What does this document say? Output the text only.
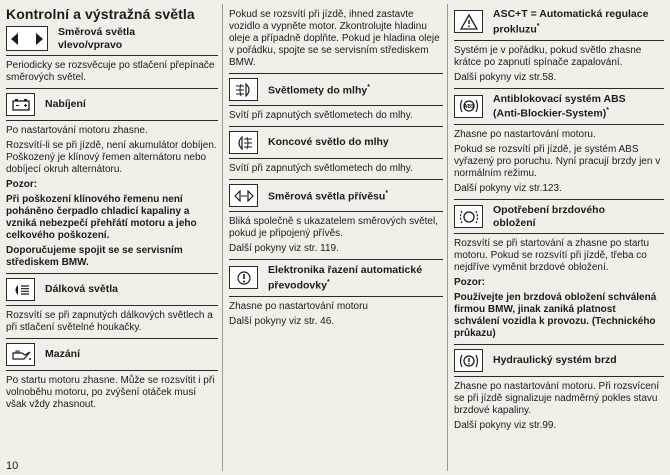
Kontrolní a výstražná světla
Směrová světla
vlevo/vpravo

Periodicky se rozsvěcuje po stlačení přepínače směrových světel.

Nabíjení

Po nastartování motoru zhasne.

Rozsvítí-li se při jízdě, není akumulátor dobíjen. Poškozený je klínový řemen alternátoru nebo dobíjecí okruh alternátoru.

Pozor:

Při poškození klínového řemenu není poháněno čerpadlo chladicí kapaliny a vzniká nebezpečí přehřátí motoru a jeho celkového poškození.

Doporučujeme spojit se se servisním střediskem BMW.

Dálková světla

Rozsvítí se při zapnutých dálkových světlech a při stlačení světelné houkačky.

Mazání

Po startu motoru zhasne. Může se rozsvítit i při volnoběhu motoru, po zvýšení otáček musí však vždy zhasnout.

Pokud se rozsvítí při jízdě, ihned zastavte vozidlo a vypněte motor. Zkontrolujte hladinu oleje a případně doplňte. Pokud je hladina oleje v pořádku, spojte se se servisním střediskem BMW.

Světlomety do mlhy*

Svítí při zapnutých světlometech do mlhy.

Koncové světlo do mlhy

Svítí při zapnutých světlometech do mlhy.

Směrová světla přívěsu*

Bliká společně s ukazatelem směrových světel, pokud je připojený přívěs.

Další pokyny viz str. 119.

Elektronika řazení automatické
převodovky*

Zhasne po nastartování motoru

Další pokyny viz str. 46.

ASC+T = Automatická regulace
prokluzu*

Systém je v pořádku, pokud světlo zhasne krátce po zapnutí spínače zapalování.

Další pokyny viz str.58.

ABS
Antiblokovací systém ABS
(Anti-Blockier-System)*

Zhasne po nastartování motoru.

Pokud se rozsvítí při jízdě, je systém ABS vyřazený pro poruchu. Nyní pracují brzdy jen v normálním režimu.

Další pokyny viz str.123.

Opotřebení brzdového
obložení

Rozsvítí se při startování a zhasne po startu motoru. Pokud se rozsvítí při jízdě, třeba co nejdříve vyměnit brzdové obložení.

Pozor:

Používejte jen brzdová obložení schválená firmou BMW, jinak zaniká platnost schválení vozidla k provozu. (Technického průkazu)

Hydraulický systém brzd

Zhasne po nastartování motoru. Při rozsvícení se při jízdě signalizuje nadměrný pokles stavu brzdové kapaliny.

Další pokyny viz str.99.

10
